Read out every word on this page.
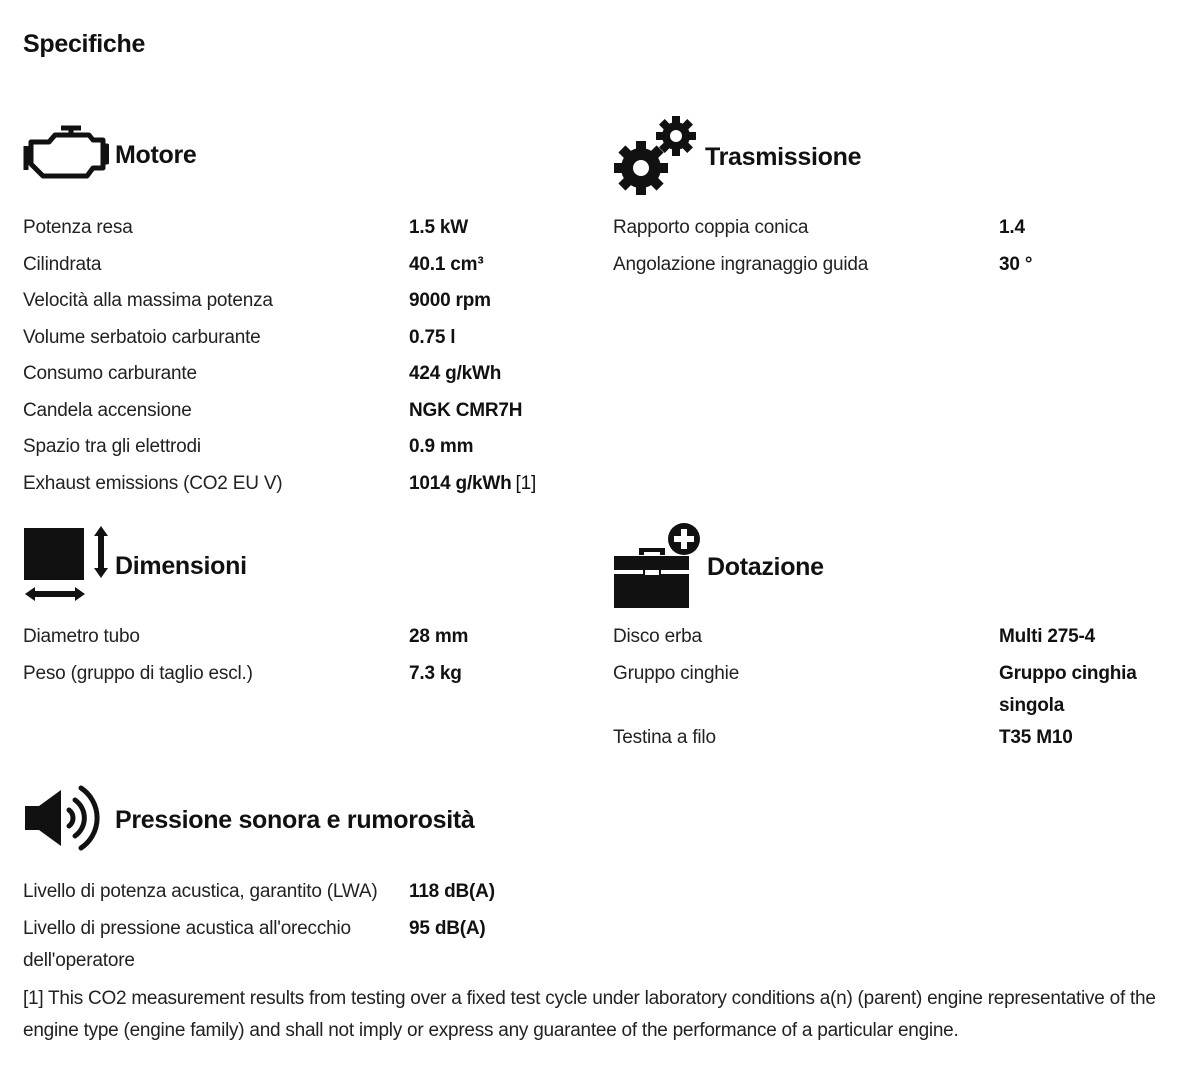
Specifiche
Motore
Potenza resa	1.5 kW
Cilindrata	40.1 cm³
Velocità alla massima potenza	9000 rpm
Volume serbatoio carburante	0.75 l
Consumo carburante	424 g/kWh
Candela accensione	NGK CMR7H
Spazio tra gli elettrodi	0.9 mm
Exhaust emissions (CO2 EU V)	1014 g/kWh [1]
Trasmissione
Rapporto coppia conica	1.4
Angolazione ingranaggio guida	30 °
Dimensioni
Diametro tubo	28 mm
Peso (gruppo di taglio escl.)	7.3 kg
Dotazione
Disco erba	Multi 275-4
Gruppo cinghie	Gruppo cinghia singola
Testina a filo	T35 M10
Pressione sonora e rumorosità
Livello di potenza acustica, garantito (LWA)	118 dB(A)
Livello di pressione acustica all'orecchio dell'operatore
95 dB(A)
[1] This CO2 measurement results from testing over a fixed test cycle under laboratory conditions a(n) (parent) engine representative of the engine type (engine family) and shall not imply or express any guarantee of the performance of a particular engine.
